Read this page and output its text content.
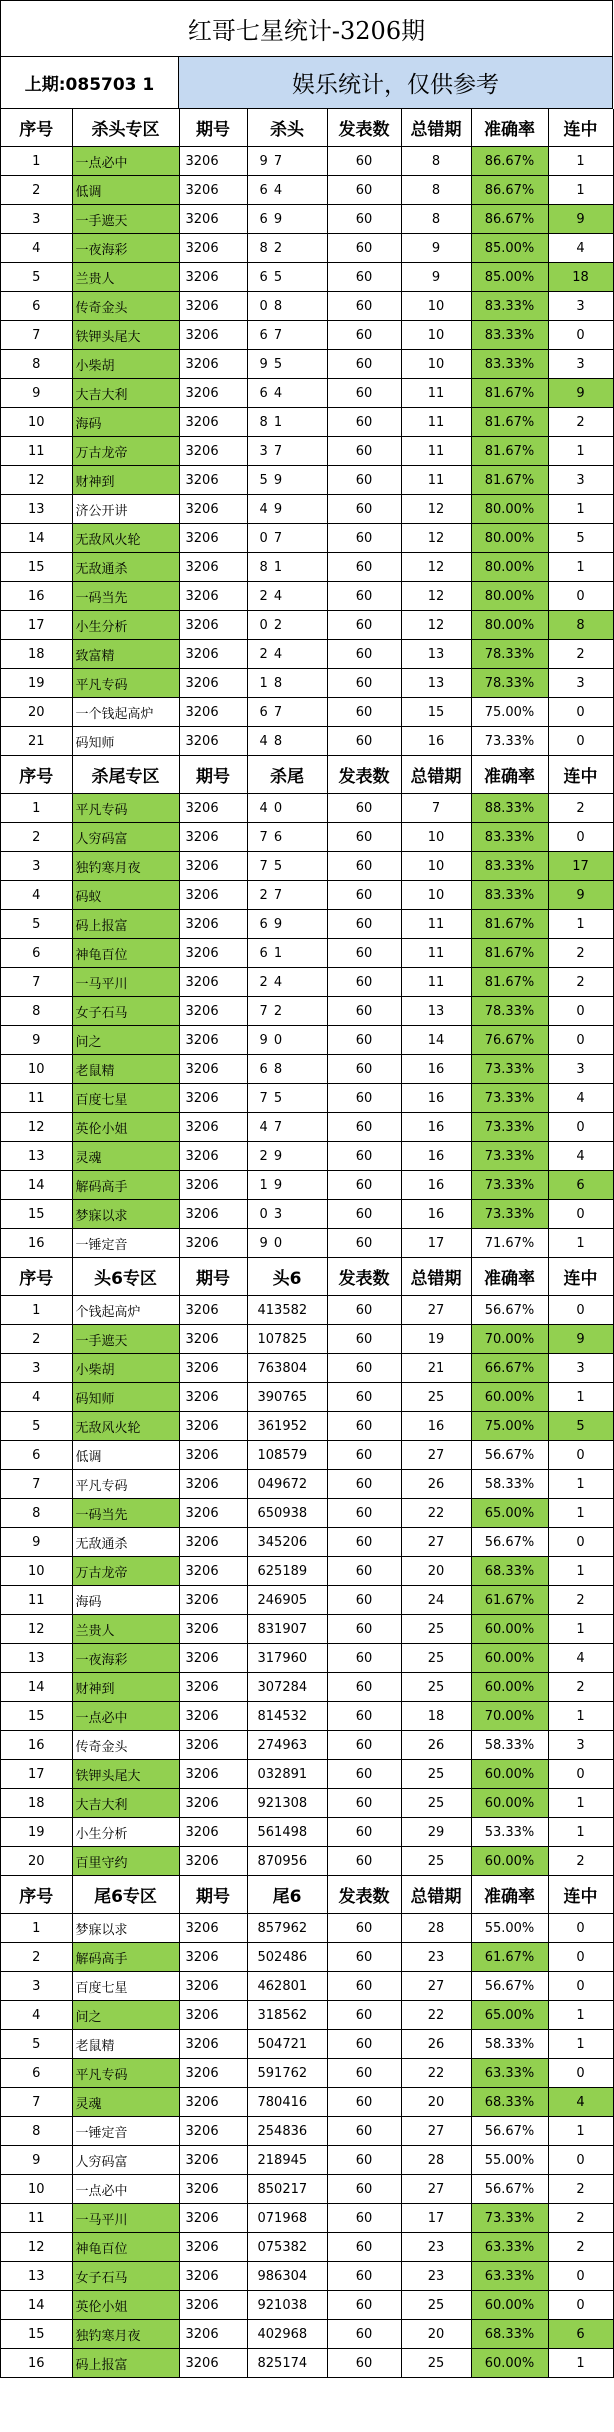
红哥七星统计-3206期
上期:085703 1	娱乐统计，仅供参考
序号	杀头专区	期号	杀头	发表数	总错期	准确率	连中
1	一点必中	3206	9 7	60	8	86.67%	1
2	低调	3206	6 4	60	8	86.67%	1
3	一手遮天	3206	6 9	60	8	86.67%	9
4	一夜海彩	3206	8 2	60	9	85.00%	4
5	兰贵人	3206	6 5	60	9	85.00%	18
6	传奇金头	3206	0 8	60	10	83.33%	3
7	铁钾头尾大	3206	6 7	60	10	83.33%	0
8	小柴胡	3206	9 5	60	10	83.33%	3
9	大吉大利	3206	6 4	60	11	81.67%	9
10	海码	3206	8 1	60	11	81.67%	2
11	万古龙帝	3206	3 7	60	11	81.67%	1
12	财神到	3206	5 9	60	11	81.67%	3
13	济公开讲	3206	4 9	60	12	80.00%	1
14	无敌风火轮	3206	0 7	60	12	80.00%	5
15	无敌通杀	3206	8 1	60	12	80.00%	1
16	一码当先	3206	2 4	60	12	80.00%	0
17	小生分析	3206	0 2	60	12	80.00%	8
18	致富精	3206	2 4	60	13	78.33%	2
19	平凡专码	3206	1 8	60	13	78.33%	3
20	一个钱起高炉	3206	6 7	60	15	75.00%	0
21	码知师	3206	4 8	60	16	73.33%	0
序号	杀尾专区	期号	杀尾	发表数	总错期	准确率	连中
1	平凡专码	3206	4 0	60	7	88.33%	2
2	人穷码富	3206	7 6	60	10	83.33%	0
3	独钓寒月夜	3206	7 5	60	10	83.33%	17
4	码蚁	3206	2 7	60	10	83.33%	9
5	码上报富	3206	6 9	60	11	81.67%	1
6	神龟百位	3206	6 1	60	11	81.67%	2
7	一马平川	3206	2 4	60	11	81.67%	2
8	女子石马	3206	7 2	60	13	78.33%	0
9	问之	3206	9 0	60	14	76.67%	0
10	老鼠精	3206	6 8	60	16	73.33%	3
11	百度七星	3206	7 5	60	16	73.33%	4
12	英伦小姐	3206	4 7	60	16	73.33%	0
13	灵魂	3206	2 9	60	16	73.33%	4
14	解码高手	3206	1 9	60	16	73.33%	6
15	梦寐以求	3206	0 3	60	16	73.33%	0
16	一锤定音	3206	9 0	60	17	71.67%	1
序号	头6专区	期号	头6	发表数	总错期	准确率	连中
1	个钱起高炉	3206	413582	60	27	56.67%	0
2	一手遮天	3206	107825	60	19	70.00%	9
3	小柴胡	3206	763804	60	21	66.67%	3
4	码知师	3206	390765	60	25	60.00%	1
5	无敌风火轮	3206	361952	60	16	75.00%	5
6	低调	3206	108579	60	27	56.67%	0
7	平凡专码	3206	049672	60	26	58.33%	1
8	一码当先	3206	650938	60	22	65.00%	1
9	无敌通杀	3206	345206	60	27	56.67%	0
10	万古龙帝	3206	625189	60	20	68.33%	1
11	海码	3206	246905	60	24	61.67%	2
12	兰贵人	3206	831907	60	25	60.00%	1
13	一夜海彩	3206	317960	60	25	60.00%	4
14	财神到	3206	307284	60	25	60.00%	2
15	一点必中	3206	814532	60	18	70.00%	1
16	传奇金头	3206	274963	60	26	58.33%	3
17	铁钾头尾大	3206	032891	60	25	60.00%	0
18	大吉大利	3206	921308	60	25	60.00%	1
19	小生分析	3206	561498	60	29	53.33%	1
20	百里守约	3206	870956	60	25	60.00%	2
序号	尾6专区	期号	尾6	发表数	总错期	准确率	连中
1	梦寐以求	3206	857962	60	28	55.00%	0
2	解码高手	3206	502486	60	23	61.67%	0
3	百度七星	3206	462801	60	27	56.67%	0
4	问之	3206	318562	60	22	65.00%	1
5	老鼠精	3206	504721	60	26	58.33%	1
6	平凡专码	3206	591762	60	22	63.33%	0
7	灵魂	3206	780416	60	20	68.33%	4
8	一锤定音	3206	254836	60	27	56.67%	1
9	人穷码富	3206	218945	60	28	55.00%	0
10	一点必中	3206	850217	60	27	56.67%	2
11	一马平川	3206	071968	60	17	73.33%	2
12	神龟百位	3206	075382	60	23	63.33%	2
13	女子石马	3206	986304	60	23	63.33%	0
14	英伦小姐	3206	921038	60	25	60.00%	0
15	独钓寒月夜	3206	402968	60	20	68.33%	6
16	码上报富	3206	825174	60	25	60.00%	1
